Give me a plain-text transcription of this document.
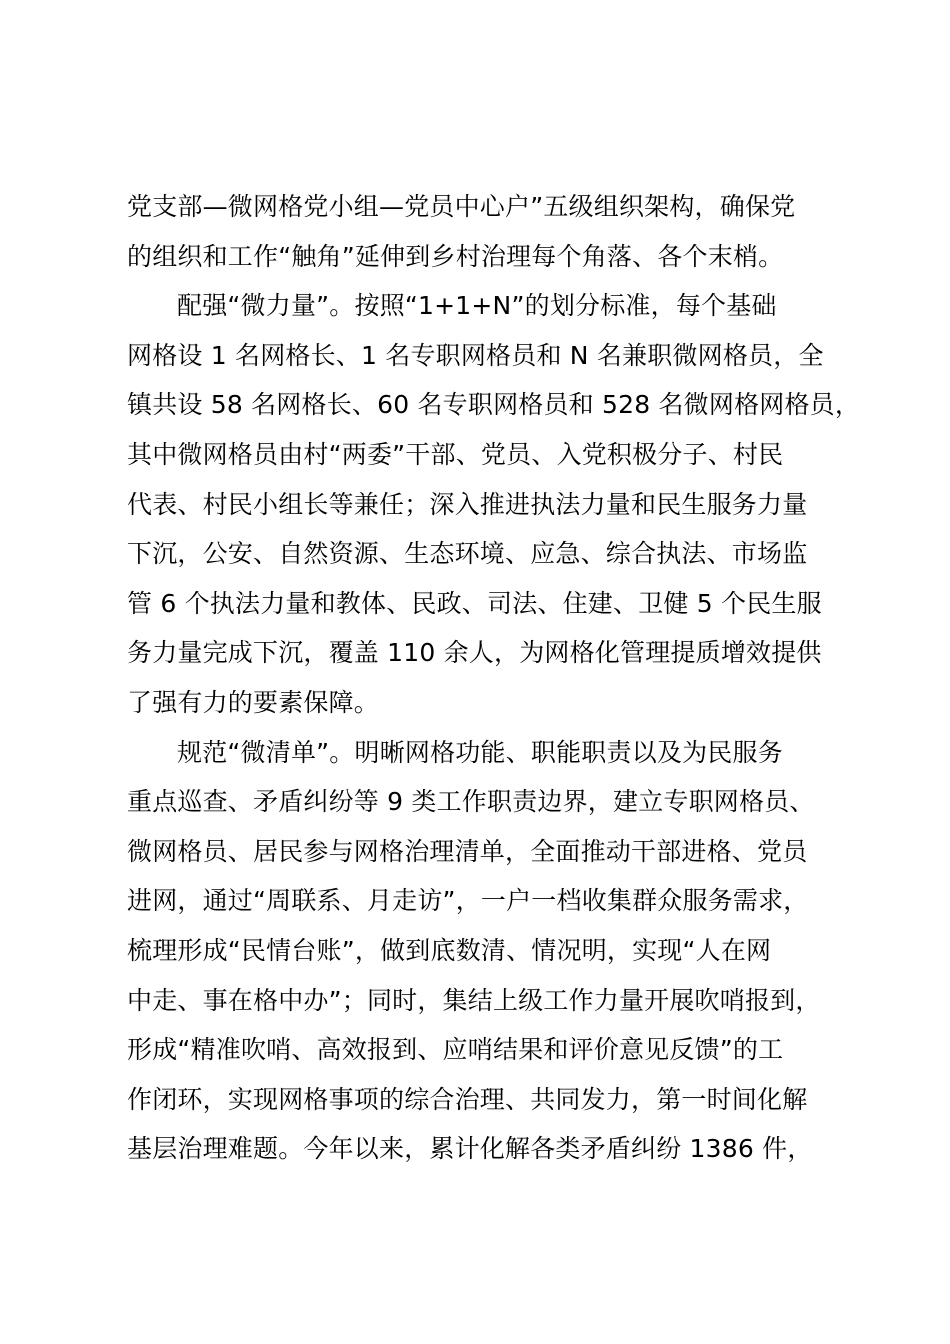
党支部—微网格党小组—党员中心户”五级组织架构，确保党
的组织和工作“触角”延伸到乡村治理每个角落、各个末梢。
配强“微力量”。按照“1+1+N”的划分标准，每个基础
网格设 1 名网格长、1 名专职网格员和 N 名兼职微网格员，全
镇共设 58 名网格长、60 名专职网格员和 528 名微网格网格员，
其中微网格员由村“两委”干部、党员、入党积极分子、村民
代表、村民小组长等兼任；深入推进执法力量和民生服务力量
下沉，公安、自然资源、生态环境、应急、综合执法、市场监
管 6 个执法力量和教体、民政、司法、住建、卫健 5 个民生服
务力量完成下沉，覆盖 110 余人，为网格化管理提质增效提供
了强有力的要素保障。
规范“微清单”。明晰网格功能、职能职责以及为民服务
重点巡查、矛盾纠纷等 9 类工作职责边界，建立专职网格员、
微网格员、居民参与网格治理清单，全面推动干部进格、党员
进网，通过“周联系、月走访”，一户一档收集群众服务需求，
梳理形成“民情台账”，做到底数清、情况明，实现“人在网
中走、事在格中办”；同时，集结上级工作力量开展吹哨报到，
形成“精准吹哨、高效报到、应哨结果和评价意见反馈”的工
作闭环，实现网格事项的综合治理、共同发力，第一时间化解
基层治理难题。今年以来，累计化解各类矛盾纠纷 1386 件，
